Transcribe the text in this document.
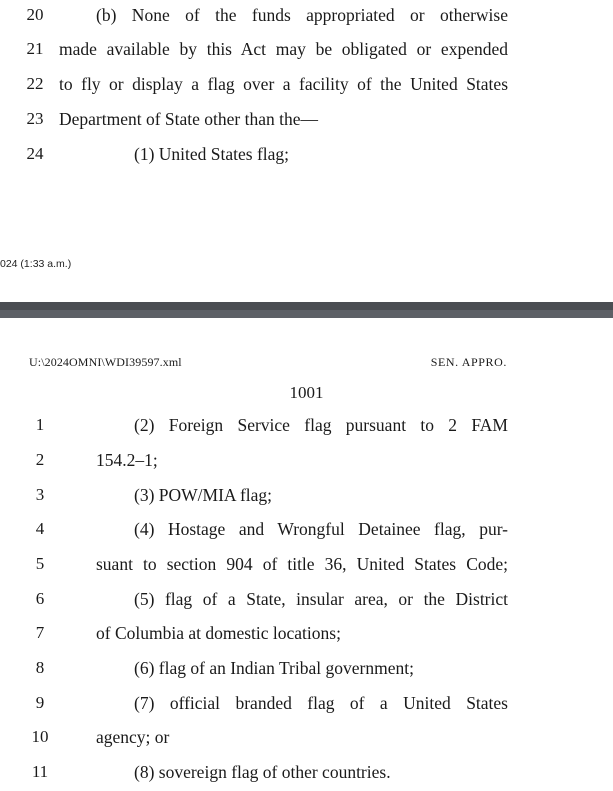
20	(b) None of the funds appropriated or otherwise
21 made available by this Act may be obligated or expended
22 to fly or display a flag over a facility of the United States
23 Department of State other than the—
24	(1) United States flag;
024 (1:33 a.m.)
U:\2024OMNI\WDI39597.xml	SEN. APPRO.
1001
1	(2) Foreign Service flag pursuant to 2 FAM
2	154.2–1;
3	(3) POW/MIA flag;
4	(4) Hostage and Wrongful Detainee flag, pur-
5	suant to section 904 of title 36, United States Code;
6	(5) flag of a State, insular area, or the District
7	of Columbia at domestic locations;
8	(6) flag of an Indian Tribal government;
9	(7) official branded flag of a United States
10	agency; or
11	(8) sovereign flag of other countries.
